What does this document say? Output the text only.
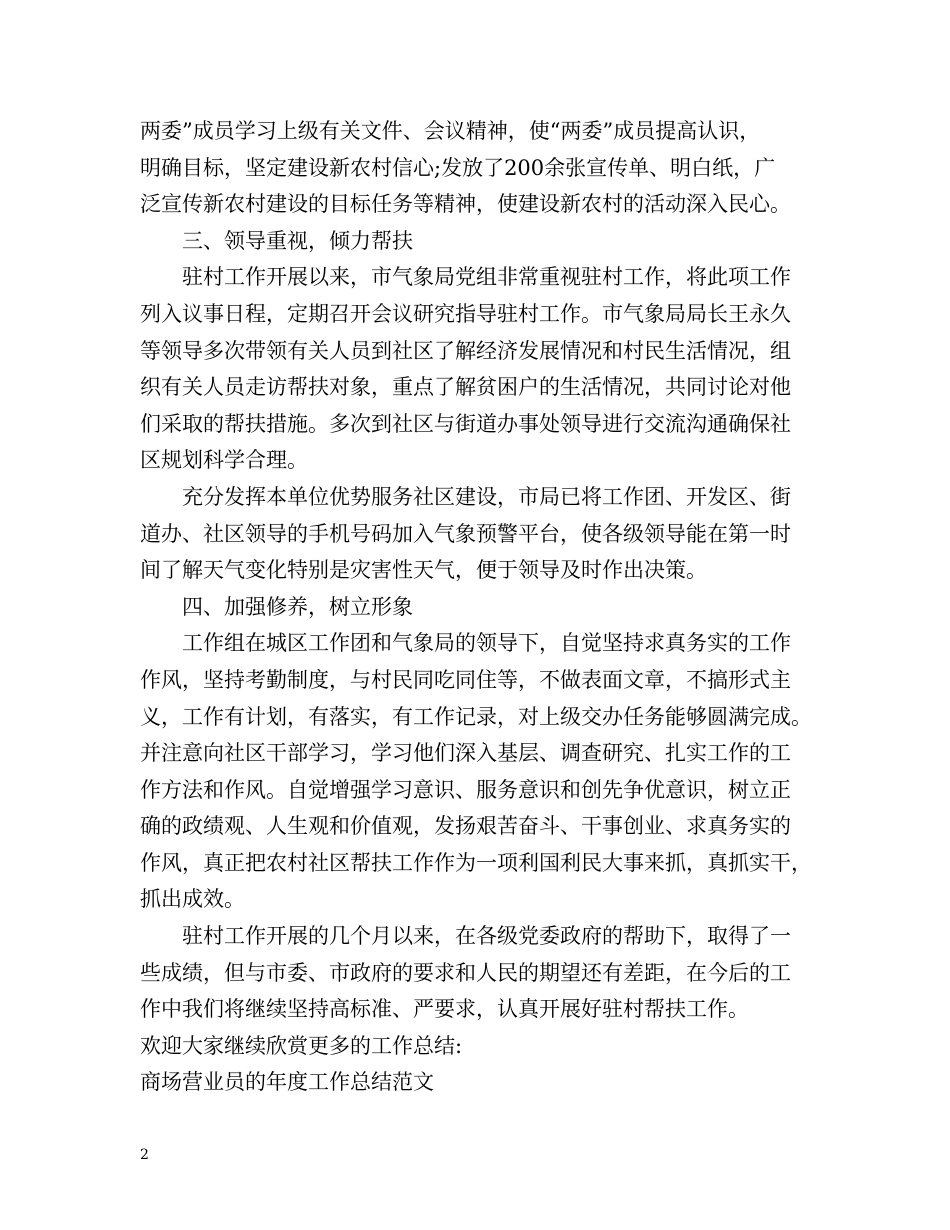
两委”成员学习上级有关文件、会议精神，使“两委”成员提高认识，
明确目标，坚定建设新农村信心;发放了200余张宣传单、明白纸，广
泛宣传新农村建设的目标任务等精神，使建设新农村的活动深入民心。
三、领导重视，倾力帮扶
驻村工作开展以来，市气象局党组非常重视驻村工作，将此项工作
列入议事日程，定期召开会议研究指导驻村工作。市气象局局长王永久
等领导多次带领有关人员到社区了解经济发展情况和村民生活情况，组
织有关人员走访帮扶对象，重点了解贫困户的生活情况，共同讨论对他
们采取的帮扶措施。多次到社区与街道办事处领导进行交流沟通确保社
区规划科学合理。
充分发挥本单位优势服务社区建设，市局已将工作团、开发区、街
道办、社区领导的手机号码加入气象预警平台，使各级领导能在第一时
间了解天气变化特别是灾害性天气，便于领导及时作出决策。
四、加强修养，树立形象
工作组在城区工作团和气象局的领导下，自觉坚持求真务实的工作
作风，坚持考勤制度，与村民同吃同住等，不做表面文章，不搞形式主
义，工作有计划，有落实，有工作记录，对上级交办任务能够圆满完成。
并注意向社区干部学习，学习他们深入基层、调查研究、扎实工作的工
作方法和作风。自觉增强学习意识、服务意识和创先争优意识，树立正
确的政绩观、人生观和价值观，发扬艰苦奋斗、干事创业、求真务实的
作风，真正把农村社区帮扶工作作为一项利国利民大事来抓，真抓实干，
抓出成效。
驻村工作开展的几个月以来，在各级党委政府的帮助下，取得了一
些成绩，但与市委、市政府的要求和人民的期望还有差距，在今后的工
作中我们将继续坚持高标准、严要求，认真开展好驻村帮扶工作。
欢迎大家继续欣赏更多的工作总结:
商场营业员的年度工作总结范文
2
